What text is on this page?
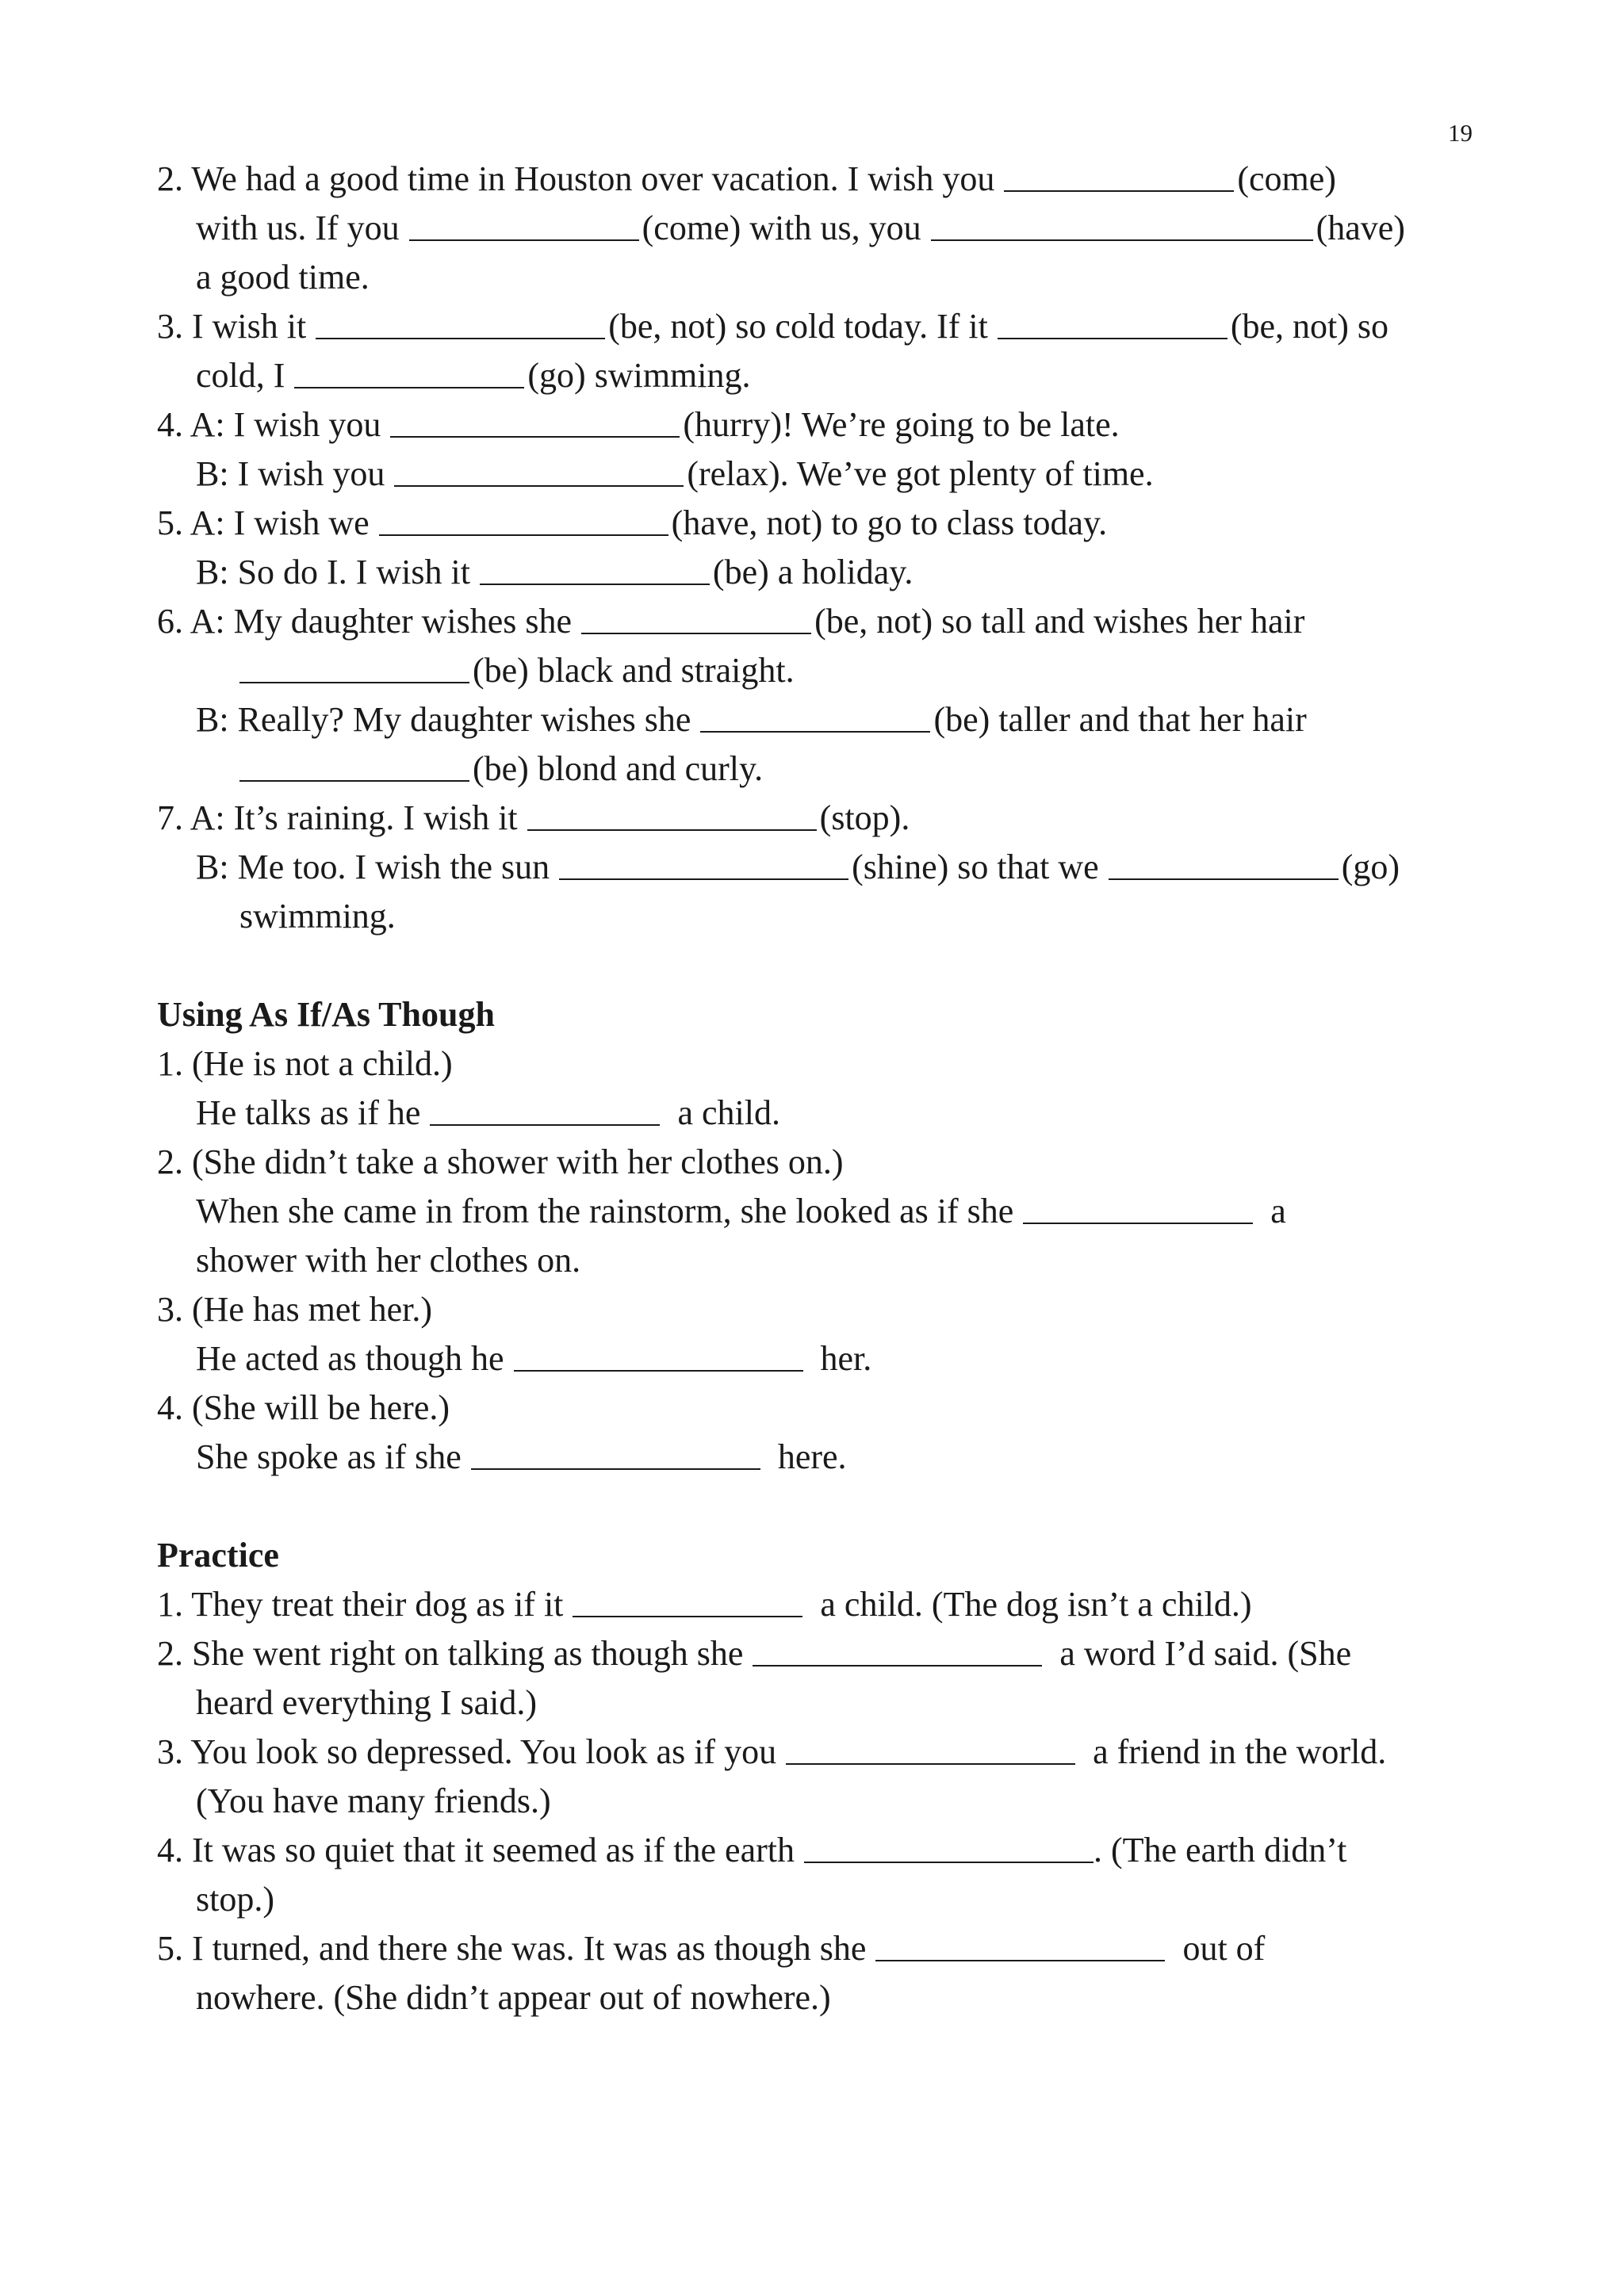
19
2. We had a good time in Houston over vacation. I wish you	(come)
with us. If you	(come) with us, you	(have)
a good time.
3. I wish it	(be, not) so cold today. If it	(be, not) so
cold, I	(go) swimming.
4. A: I wish you	(hurry)! We’re going to be late.
B: I wish you	(relax). We’ve got plenty of time.
5. A: I wish we	(have, not) to go to class today.
B: So do I. I wish it	(be) a holiday.
6. A: My daughter wishes she	(be, not) so tall and wishes her hair
(be) black and straight.
B: Really? My daughter wishes she	(be) taller and that her hair
(be) blond and curly.
7. A: It’s raining. I wish it	(stop).
B: Me too. I wish the sun	(shine) so that we	(go)
swimming.
Using As If/As Though
1. (He is not a child.)
He talks as if he	a child.
2. (She didn’t take a shower with her clothes on.)
When she came in from the rainstorm, she looked as if she	a
shower with her clothes on.
3. (He has met her.)
He acted as though he	her.
4. (She will be here.)
She spoke as if she	here.
Practice
1. They treat their dog as if it	a child. (The dog isn’t a child.)
2. She went right on talking as though she	a word I’d said. (She
heard everything I said.)
3. You look so depressed. You look as if you	a friend in the world.
(You have many friends.)
4. It was so quiet that it seemed as if the earth	. (The earth didn’t
stop.)
5. I turned, and there she was. It was as though she	out of
nowhere. (She didn’t appear out of nowhere.)
